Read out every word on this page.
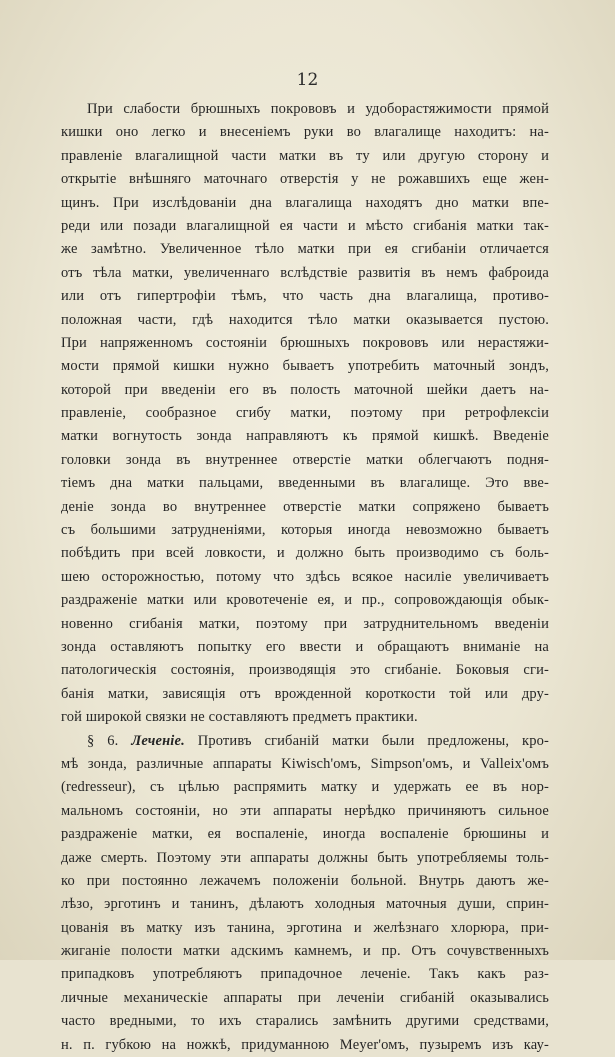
12
При слабости брюшныхъ покрововъ и удоборастяжимости прямой
кишки оно легко и внесеніемъ руки во влагалище находитъ: на-
правленіе влагалищной части матки въ ту или другую сторону и
открытіе внѣшняго маточнаго отверстія у не рожавшихъ еще жен-
щинъ. При изслѣдованіи дна влагалища находятъ дно матки впе-
реди или позади влагалищной ея части и мѣсто сгибанія матки так-
же замѣтно. Увеличенное тѣло матки при ея сгибаніи отличается
отъ тѣла матки, увеличеннаго вслѣдствіе развитія въ немъ фаброида
или отъ гипертрофіи тѣмъ, что часть дна влагалища, противо-
положная части, гдѣ находится тѣло матки оказывается пустою.
При напряженномъ состояніи брюшныхъ покрововъ или нерастяжи-
мости прямой кишки нужно бываетъ употребить маточный зондъ,
которой при введеніи его въ полость маточной шейки даетъ на-
правленіе, сообразное сгибу матки, поэтому при ретрофлексіи
матки вогнутость зонда направляютъ къ прямой кишкѣ. Введеніе
головки зонда въ внутреннее отверстіе матки облегчаютъ подня-
тіемъ дна матки пальцами, введенными въ влагалище. Это вве-
деніе зонда во внутреннее отверстіе матки сопряжено бываетъ
съ большими затрудненіями, которыя иногда невозможно бываетъ
побѣдить при всей ловкости, и должно быть производимо съ боль-
шею осторожностью, потому что здѣсь всякое насиліе увеличиваетъ
раздраженіе матки или кровотеченіе ея, и пр., сопровождающія обык-
новенно сгибанія матки, поэтому при затруднительномъ введеніи
зонда оставляютъ попытку его ввести и обращаютъ вниманіе на
патологическія состоянія, производящія это сгибаніе. Боковыя сги-
банія матки, зависящія отъ врожденной короткости той или дру-
гой широкой связки не составляютъ предметъ практики.
§ 6. Леченіе. Противъ сгибаній матки были предложены, кро-
мѣ зонда, различные аппараты Kiwisch'омъ, Simpson'омъ, и Valleix'омъ
(redresseur), съ цѣлью распрямить матку и удержать ее въ нор-
мальномъ состояніи, но эти аппараты нерѣдко причиняютъ сильное
раздраженіе матки, ея воспаленіе, иногда воспаленіе брюшины и
даже смерть. Поэтому эти аппараты должны быть употребляемы толь-
ко при постоянно лежачемъ положеніи больной. Внутрь даютъ же-
лѣзо, эрготинъ и танинъ, дѣлаютъ холодныя маточныя души, сприн-
цованія въ матку изъ танина, эрготина и желѣзнаго хлорюра, при-
жиганіе полости матки адскимъ камнемъ, и пр. Отъ сочувственныхъ
припадковъ употребляютъ припадочное леченіе. Такъ какъ раз-
личные механическіе аппараты при леченіи сгибаній оказывались
часто вредными, то ихъ старались замѣнить другими средствами,
н. п. губкою на ножкѣ, придуманною Meyer'омъ, пузыремъ изъ кау-
